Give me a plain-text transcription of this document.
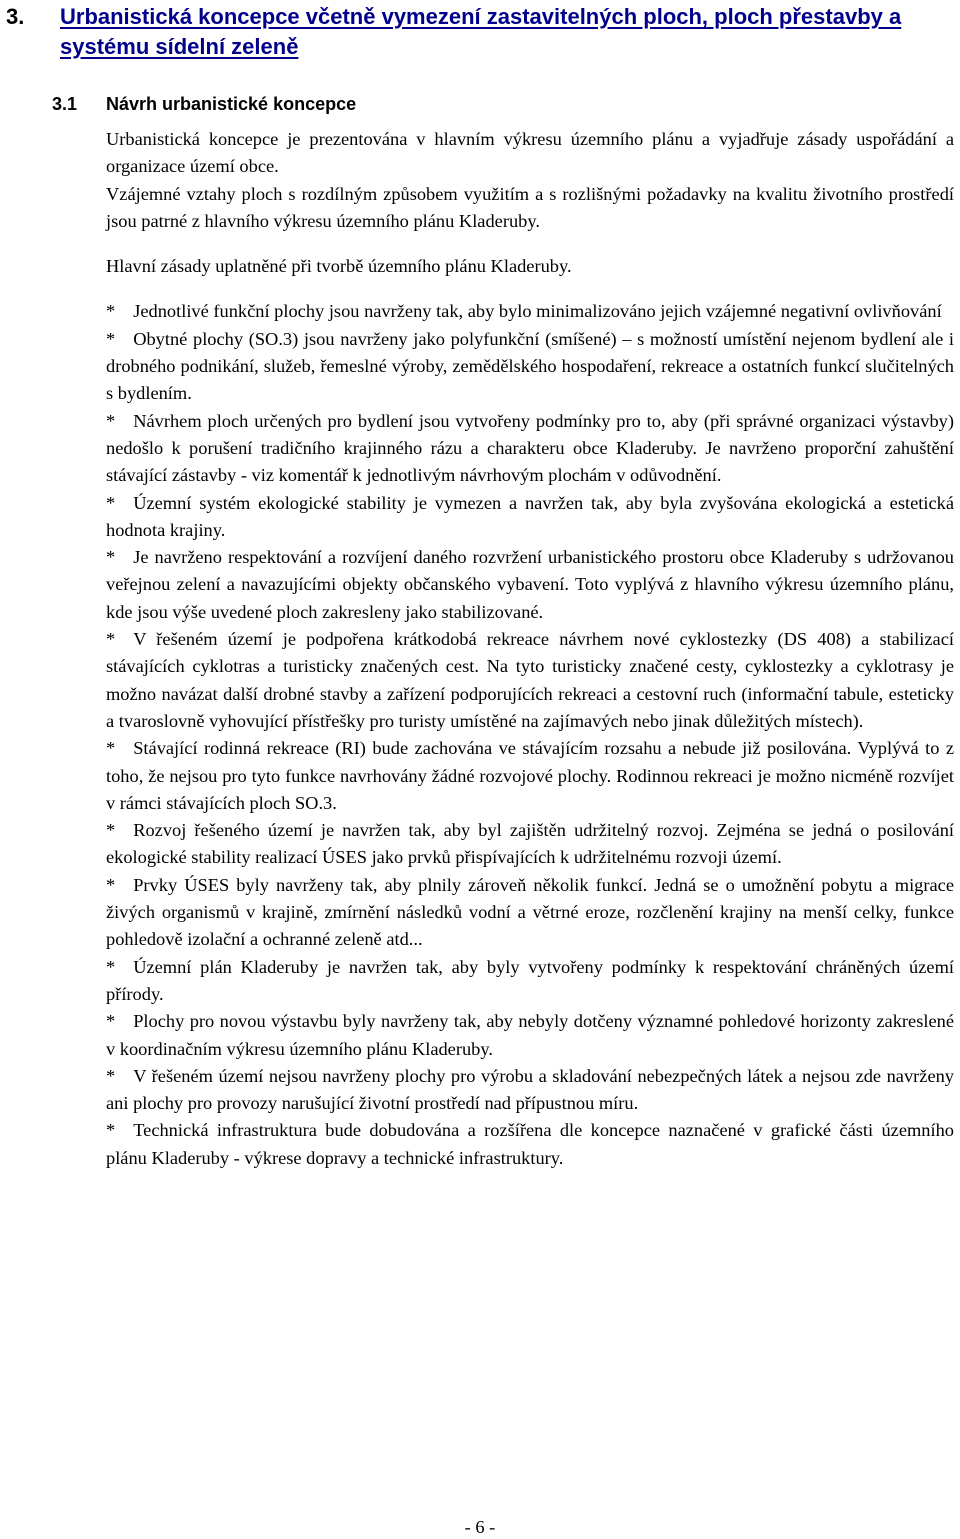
3. Urbanistická koncepce včetně vymezení zastavitelných ploch, ploch přestavby a systému sídelní zeleně
3.1 Návrh urbanistické koncepce

Urbanistická koncepce je prezentována v hlavním výkresu územního plánu a vyjadřuje zásady uspořádání a organizace území obce.

Vzájemné vztahy ploch s rozdílným způsobem využitím a s rozlišnými požadavky na kvalitu životního prostředí jsou patrné z hlavního výkresu územního plánu Kladeruby.

Hlavní zásady uplatněné při tvorbě územního plánu Kladeruby.

* Jednotlivé funkční plochy jsou navrženy tak, aby bylo minimalizováno jejich vzájemné negativní ovlivňování

* Obytné plochy (SO.3) jsou navrženy jako polyfunkční (smíšené) – s možností umístění nejenom bydlení ale i drobného podnikání, služeb, řemeslné výroby, zemědělského hospodaření, rekreace a ostatních funkcí slučitelných s bydlením.

* Návrhem ploch určených pro bydlení jsou vytvořeny podmínky pro to, aby (při správné organizaci výstavby) nedošlo k porušení tradičního krajinného rázu a charakteru obce Kladeruby. Je navrženo proporční zahuštění stávající zástavby - viz komentář k jednotlivým návrhovým plochám v odůvodnění.

* Územní systém ekologické stability je vymezen a navržen tak, aby byla zvyšována ekologická a estetická hodnota krajiny.

* Je navrženo respektování a rozvíjení daného rozvržení urbanistického prostoru obce Kladeruby s udržovanou veřejnou zelení a navazujícími objekty občanského vybavení. Toto vyplývá z hlavního výkresu územního plánu, kde jsou výše uvedené ploch zakresleny jako stabilizované.

* V řešeném území je podpořena krátkodobá rekreace návrhem nové cyklostezky (DS 408) a stabilizací stávajících cyklotras a turisticky značených cest. Na tyto turisticky značené cesty, cyklostezky a cyklotrasy je možno navázat další drobné stavby a zařízení podporujících rekreaci a cestovní ruch (informační tabule, esteticky a tvaroslovně vyhovující přístřešky pro turisty umístěné na zajímavých nebo jinak důležitých místech).

* Stávající rodinná rekreace (RI) bude zachována ve stávajícím rozsahu a nebude již posilována. Vyplývá to z toho, že nejsou pro tyto funkce navrhovány žádné rozvojové plochy. Rodinnou rekreaci je možno nicméně rozvíjet v rámci stávajících ploch SO.3.

* Rozvoj řešeného území je navržen tak, aby byl zajištěn udržitelný rozvoj. Zejména se jedná o posilování ekologické stability realizací ÚSES jako prvků přispívajících k udržitelnému rozvoji území.

* Prvky ÚSES byly navrženy tak, aby plnily zároveň několik funkcí. Jedná se o umožnění pobytu a migrace živých organismů v krajině, zmírnění následků vodní a větrné eroze, rozčlenění krajiny na menší celky, funkce pohledově izolační a ochranné zeleně atd...

* Územní plán Kladeruby je navržen tak, aby byly vytvořeny podmínky k respektování chráněných území přírody.

* Plochy pro novou výstavbu byly navrženy tak, aby nebyly dotčeny významné pohledové horizonty zakreslené v koordinačním výkresu územního plánu Kladeruby.

* V řešeném území nejsou navrženy plochy pro výrobu a skladování nebezpečných látek a nejsou zde navrženy ani plochy pro provozy narušující životní prostředí nad přípustnou míru.

* Technická infrastruktura bude dobudována a rozšířena dle koncepce naznačené v grafické části územního plánu Kladeruby - výkrese dopravy a technické infrastruktury.

- 6 -
